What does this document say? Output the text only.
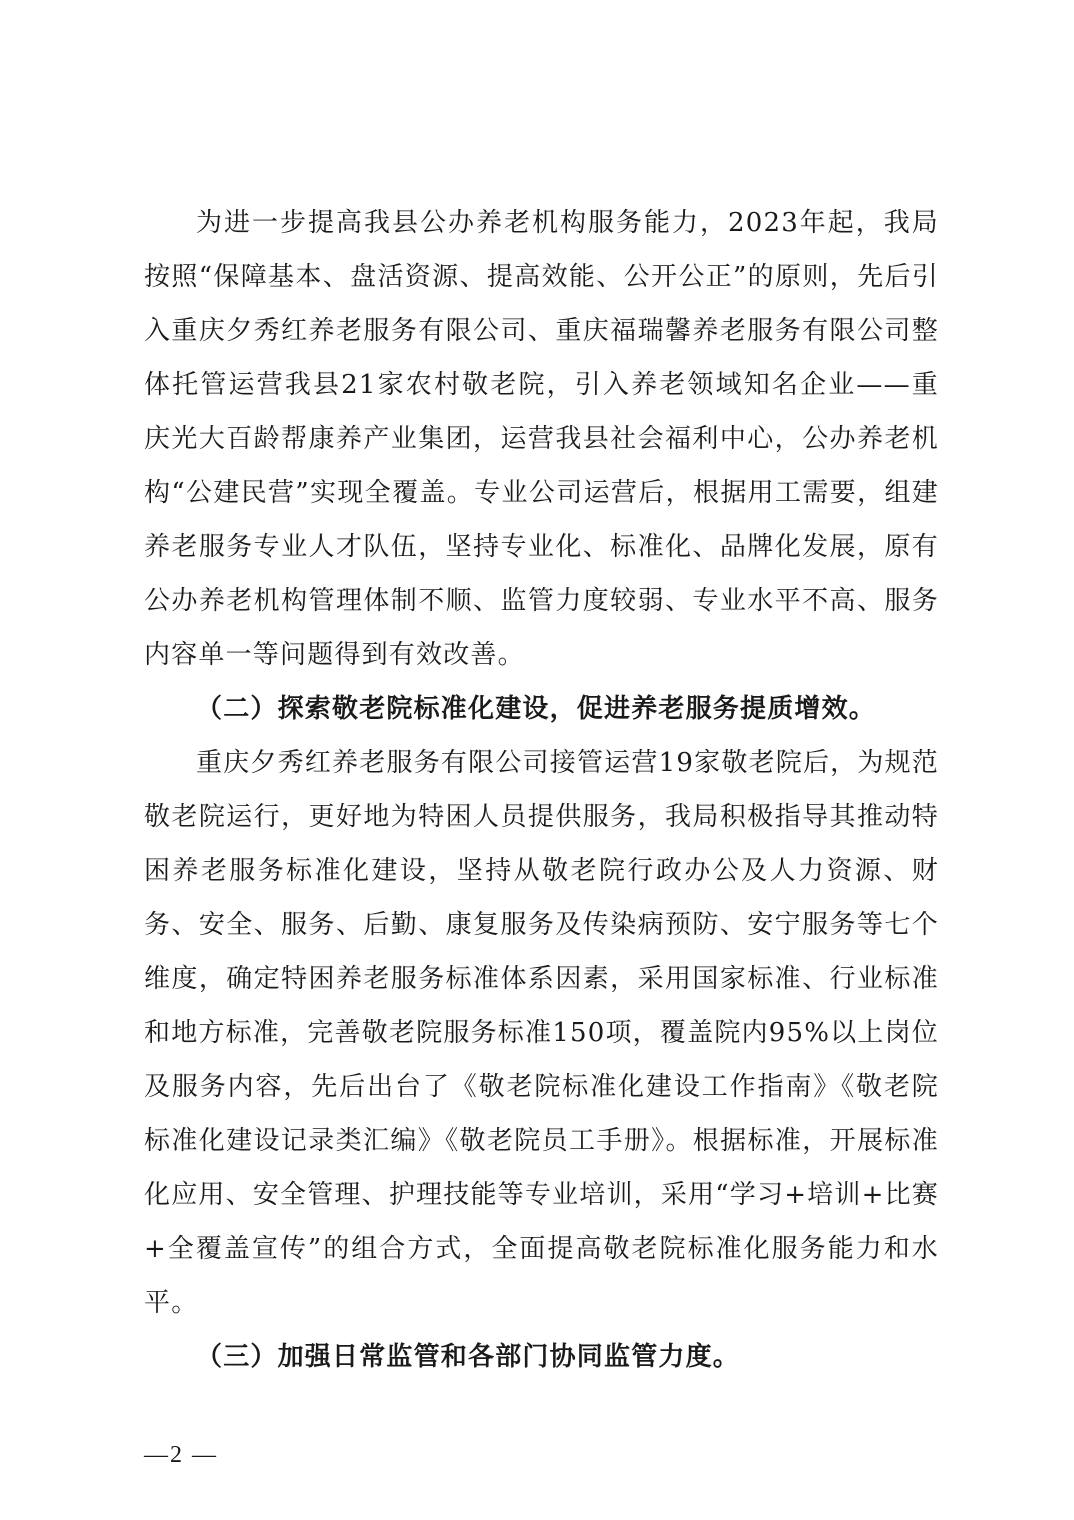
为进一步提高我县公办养老机构服务能力，2023年起，我局按照“保障基本、盘活资源、提高效能、公开公正”的原则，先后引入重庆夕秀红养老服务有限公司、重庆福瑞馨养老服务有限公司整体托管运营我县21家农村敬老院，引入养老领域知名企业——重庆光大百龄帮康养产业集团，运营我县社会福利中心，公办养老机构“公建民营”实现全覆盖。专业公司运营后，根据用工需要，组建养老服务专业人才队伍，坚持专业化、标准化、品牌化发展，原有公办养老机构管理体制不顺、监管力度较弱、专业水平不高、服务内容单一等问题得到有效改善。

（二）探索敬老院标准化建设，促进养老服务提质增效。

重庆夕秀红养老服务有限公司接管运营19家敬老院后，为规范敬老院运行，更好地为特困人员提供服务，我局积极指导其推动特困养老服务标准化建设，坚持从敬老院行政办公及人力资源、财务、安全、服务、后勤、康复服务及传染病预防、安宁服务等七个维度，确定特困养老服务标准体系因素，采用国家标准、行业标准和地方标准，完善敬老院服务标准150项，覆盖院内95%以上岗位及服务内容，先后出台了《敬老院标准化建设工作指南》《敬老院标准化建设记录类汇编》《敬老院员工手册》。根据标准，开展标准化应用、安全管理、护理技能等专业培训，采用“学习+培训+比赛+全覆盖宣传”的组合方式，全面提高敬老院标准化服务能力和水平。

（三）加强日常监管和各部门协同监管力度。

—2 —
